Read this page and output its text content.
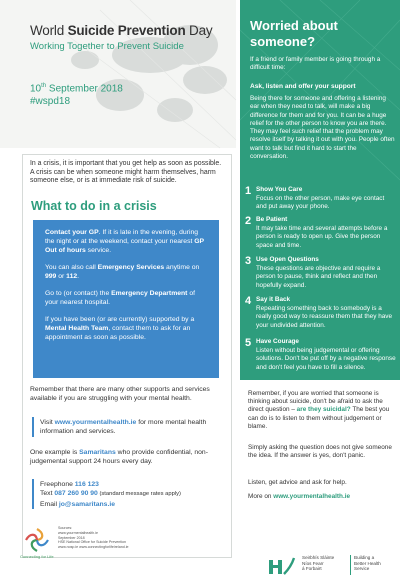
World Suicide Prevention Day
Working Together to Prevent Suicide
10th September 2018
#wspd18
In a crisis, it is important that you get help as soon as possible. A crisis can be when someone might harm themselves, harm someone else, or is at immediate risk of suicide.
What to do in a crisis

Contact your GP. If it is late in the evening, during the night or at the weekend, contact your nearest GP Out of hours service.

You can also call Emergency Services anytime on 999 or 112.

Go to (or contact) the Emergency Department of your nearest hospital.

If you have been (or are currently) supported by a Mental Health Team, contact them to ask for an appointment as soon as possible.

Remember that there are many other supports and services available if you are struggling with your mental health.
Visit www.yourmentalhealth.ie for more mental health information and services.
One example is Samaritans who provide confidential, non-judgemental support 24 hours every day.
Freephone 116 123
Text 087 260 90 90 (standard message rates apply)
Email jo@samaritans.ie
Connecting for Life
Sources:
www.yourmentalhealth.ie
September 2018
HSE National Office for Suicide Prevention
www.nosp.ie www.connectingforlifeireland.ie
Worried about someone?
If a friend or family member is going through a difficult time:
Ask, listen and offer your support
Being there for someone and offering a listening ear when they need to talk, will make a big difference for them and for you. It can be a huge relief for the other person to know you are there. They may feel such relief that the problem may resolve itself by talking it out with you. People often want to talk but find it hard to start the conversation.
1 Show You Care
Focus on the other person, make eye contact and put away your phone.
2 Be Patient
It may take time and several attempts before a person is ready to open up. Give the person space and time.
3 Use Open Questions
These questions are objective and require a person to pause, think and reflect and then hopefully expand.
4 Say it Back
Repeating something back to somebody is a really good way to reassure them that they have your undivided attention.
5 Have Courage
Listen without being judgemental or offering solutions. Don't be put off by a negative response and don't feel you have to fill a silence.
Remember, if you are worried that someone is thinking about suicide, don't be afraid to ask the direct question – are they suicidal? The best you can do is to listen to them without judgement or blame.
Simply asking the question does not give someone the idea. If the answer is yes, don't panic.
Listen, get advice and ask for help.
More on www.yourmentalhealth.ie
Seirbhís Sláinte
Níos Fearr
á Forbairt
Building a
Better Health
Service
